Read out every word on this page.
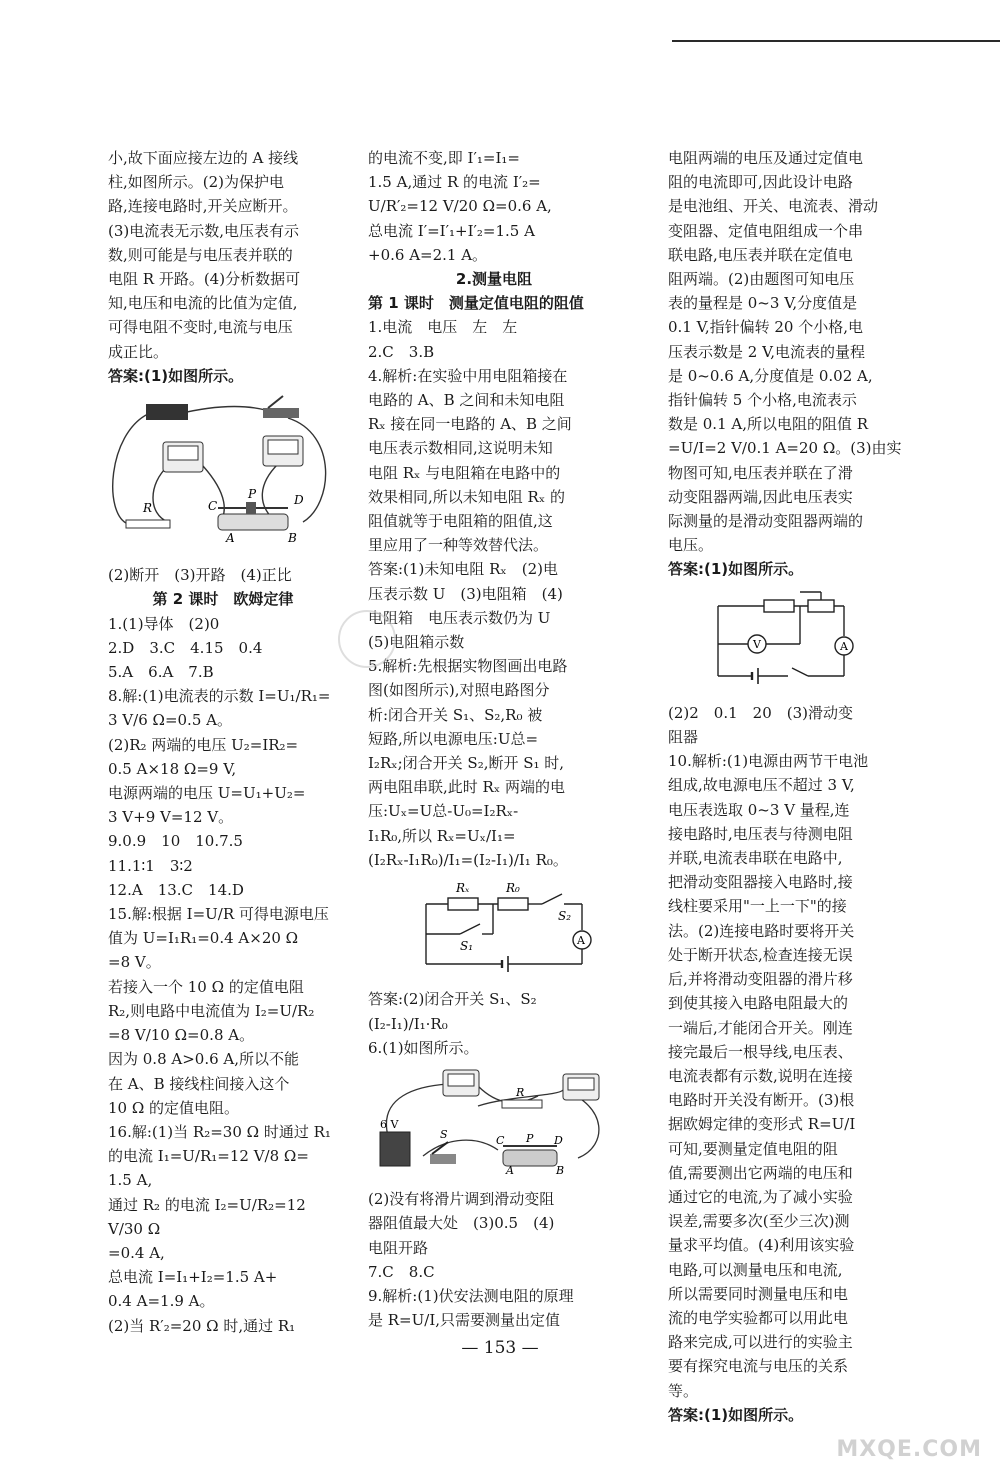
小,故下面应接左边的 A 接线

柱,如图所示。(2)为保护电

路,连接电路时,开关应断开。

(3)电流表无示数,电压表有示

数,则可能是与电压表并联的

电阻 R 开路。(4)分析数据可

知,电压和电流的比值为定值,

可得电阻不变时,电流与电压

成正比。

答案:(1)如图所示。

R	C
P	D
A	B

(2)断开　(3)开路　(4)正比

第 2 课时　欧姆定律

1.(1)导体　(2)0

2.D　3.C　4.15　0.4

5.A　6.A　7.B

8.解:(1)电流表的示数 I=U₁/R₁=

3 V/6 Ω=0.5 A。

(2)R₂ 两端的电压 U₂=IR₂=

0.5 A×18 Ω=9 V,

电源两端的电压 U=U₁+U₂=

3 V+9 V=12 V。

9.0.9　10　10.7.5

11.1∶1　3∶2

12.A　13.C　14.D

15.解:根据 I=U/R 可得电源电压

值为 U=I₁R₁=0.4 A×20 Ω

=8 V。

若接入一个 10 Ω 的定值电阻

R₂,则电路中电流值为 I₂=U/R₂

=8 V/10 Ω=0.8 A。

因为 0.8 A>0.6 A,所以不能

在 A、B 接线柱间接入这个

10 Ω 的定值电阻。

16.解:(1)当 R₂=30 Ω 时通过 R₁

的电流 I₁=U/R₁=12 V/8 Ω=

1.5 A,

通过 R₂ 的电流 I₂=U/R₂=12 V/30 Ω

=0.4 A,

总电流 I=I₁+I₂=1.5 A+

0.4 A=1.9 A。

(2)当 R′₂=20 Ω 时,通过 R₁

的电流不变,即 I′₁=I₁=

1.5 A,通过 R 的电流 I′₂=

U/R′₂=12 V/20 Ω=0.6 A,

总电流 I′=I′₁+I′₂=1.5 A

+0.6 A=2.1 A。

2.测量电阻

第 1 课时　测量定值电阻的阻值

1.电流　电压　左　左

2.C　3.B

4.解析:在实验中用电阻箱接在

电路的 A、B 之间和未知电阻

Rₓ 接在同一电路的 A、B 之间

电压表示数相同,这说明未知

电阻 Rₓ 与电阻箱在电路中的

效果相同,所以未知电阻 Rₓ 的

阻值就等于电阻箱的阻值,这

里应用了一种等效替代法。

答案:(1)未知电阻 Rₓ　(2)电

压表示数 U　(3)电阻箱　(4)

电阻箱　电压表示数仍为 U

(5)电阻箱示数

5.解析:先根据实物图画出电路

图(如图所示),对照电路图分

析:闭合开关 S₁、S₂,R₀ 被

短路,所以电源电压:U总=

I₂Rₓ;闭合开关 S₂,断开 S₁ 时,

两电阻串联,此时 Rₓ 两端的电

压:Uₓ=U总-U₀=I₂Rₓ-

I₁R₀,所以 Rₓ=Uₓ/I₁=

(I₂Rₓ-I₁R₀)/I₁=(I₂-I₁)/I₁ R₀。

Rₓ	R₀
S₂
S₁	A

答案:(2)闭合开关 S₁、S₂

(I₂-I₁)/I₁·R₀

6.(1)如图所示。

6 V
S
R
C P D
A	B

(2)没有将滑片调到滑动变阻

器阻值最大处　(3)0.5　(4)

电阻开路

7.C　8.C

9.解析:(1)伏安法测电阻的原理

是 R=U/I,只需要测量出定值

电阻两端的电压及通过定值电

阻的电流即可,因此设计电路

是电池组、开关、电流表、滑动

变阻器、定值电阻组成一个串

联电路,电压表并联在定值电

阻两端。(2)由题图可知电压

表的量程是 0~3 V,分度值是

0.1 V,指针偏转 20 个小格,电

压表示数是 2 V,电流表的量程

是 0~0.6 A,分度值是 0.02 A,

指针偏转 5 个小格,电流表示

数是 0.1 A,所以电阻的阻值 R

=U/I=2 V/0.1 A=20 Ω。(3)由实

物图可知,电压表并联在了滑

动变阻器两端,因此电压表实

际测量的是滑动变阻器两端的

电压。

答案:(1)如图所示。

V	A

(2)2　0.1　20　(3)滑动变

阻器

10.解析:(1)电源由两节干电池

组成,故电源电压不超过 3 V,

电压表选取 0~3 V 量程,连

接电路时,电压表与待测电阻

并联,电流表串联在电路中,

把滑动变阻器接入电路时,接

线柱要采用"一上一下"的接

法。(2)连接电路时要将开关

处于断开状态,检查连接无误

后,并将滑动变阻器的滑片移

到使其接入电路电阻最大的

一端后,才能闭合开关。刚连

接完最后一根导线,电压表、

电流表都有示数,说明在连接

电路时开关没有断开。(3)根

据欧姆定律的变形式 R=U/I

可知,要测量定值电阻的阻

值,需要测出它两端的电压和

通过它的电流,为了减小实验

误差,需要多次(至少三次)测

量求平均值。(4)利用该实验

电路,可以测量电压和电流,

所以需要同时测量电压和电

流的电学实验都可以用此电

路来完成,可以进行的实验主

要有探究电流与电压的关系

等。

答案:(1)如图所示。

— 153 —
MXQE.COM
